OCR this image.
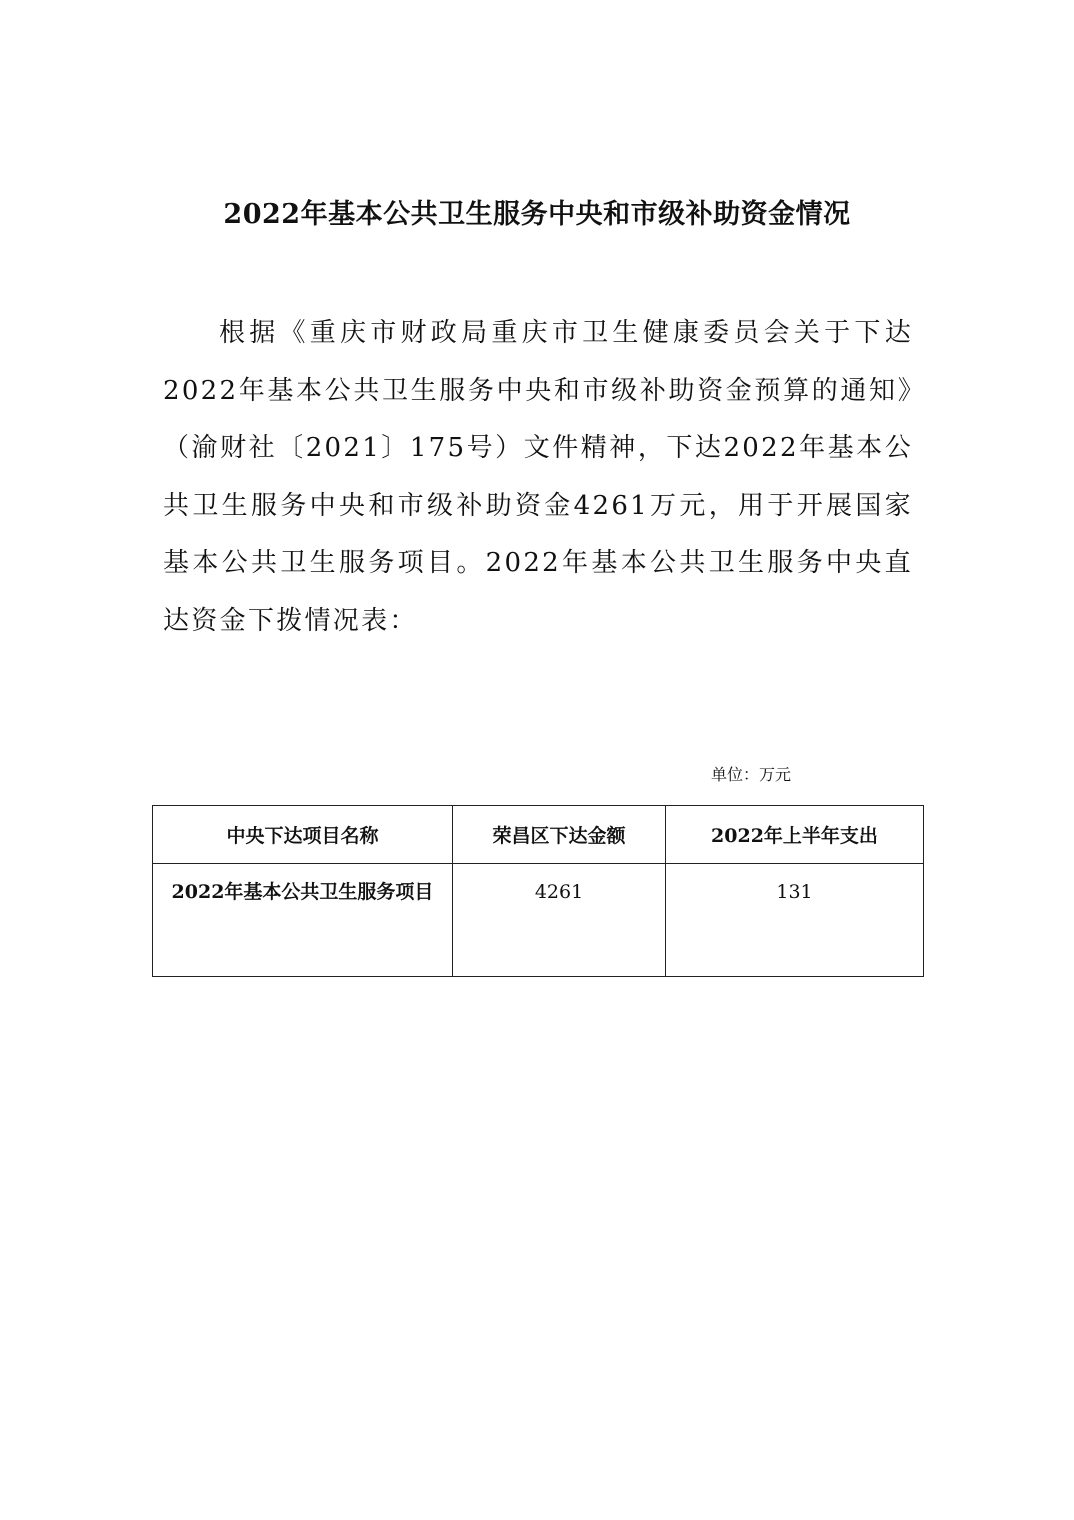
2022年基本公共卫生服务中央和市级补助资金情况

根据《重庆市财政局重庆市卫生健康委员会关于下达2022年基本公共卫生服务中央和市级补助资金预算的通知》（渝财社〔2021〕175号）文件精神，下达2022年基本公共卫生服务中央和市级补助资金4261万元，用于开展国家基本公共卫生服务项目。2022年基本公共卫生服务中央直达资金下拨情况表：

单位：万元
中央下达项目名称	荣昌区下达金额	2022年上半年支出
2022年基本公共卫生服务项目	4261	131
